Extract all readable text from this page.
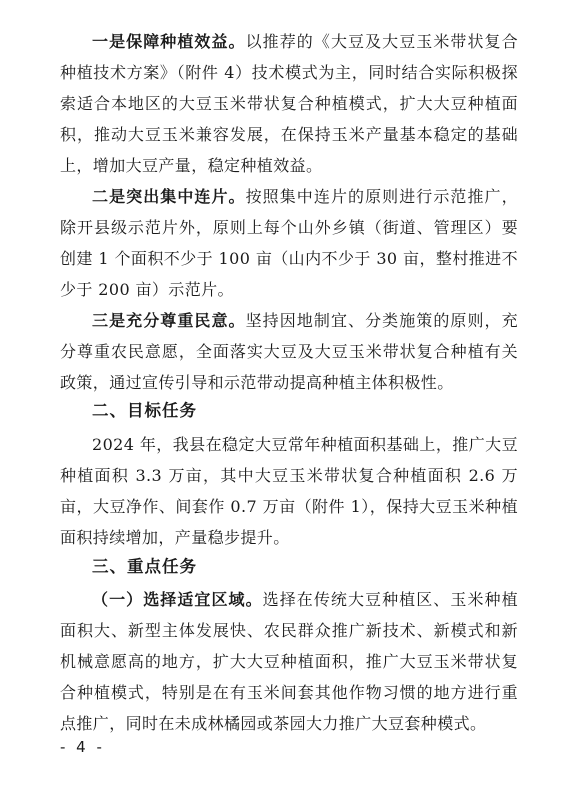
一是保障种植效益。以推荐的《大豆及大豆玉米带状复合种植技术方案》（附件 4）技术模式为主，同时结合实际积极探索适合本地区的大豆玉米带状复合种植模式，扩大大豆种植面积，推动大豆玉米兼容发展，在保持玉米产量基本稳定的基础上，增加大豆产量，稳定种植效益。

二是突出集中连片。按照集中连片的原则进行示范推广，除开县级示范片外，原则上每个山外乡镇（街道、管理区）要创建 1 个面积不少于 100 亩（山内不少于 30 亩，整村推进不少于 200 亩）示范片。

三是充分尊重民意。坚持因地制宜、分类施策的原则，充分尊重农民意愿，全面落实大豆及大豆玉米带状复合种植有关政策，通过宣传引导和示范带动提高种植主体积极性。

二、目标任务

2024 年，我县在稳定大豆常年种植面积基础上，推广大豆种植面积 3.3 万亩，其中大豆玉米带状复合种植面积 2.6 万亩，大豆净作、间套作 0.7 万亩（附件 1），保持大豆玉米种植面积持续增加，产量稳步提升。

三、重点任务

（一）选择适宜区域。选择在传统大豆种植区、玉米种植面积大、新型主体发展快、农民群众推广新技术、新模式和新机械意愿高的地方，扩大大豆种植面积，推广大豆玉米带状复合种植模式，特别是在有玉米间套其他作物习惯的地方进行重点推广，同时在未成林橘园或茶园大力推广大豆套种模式。

- 4 -
